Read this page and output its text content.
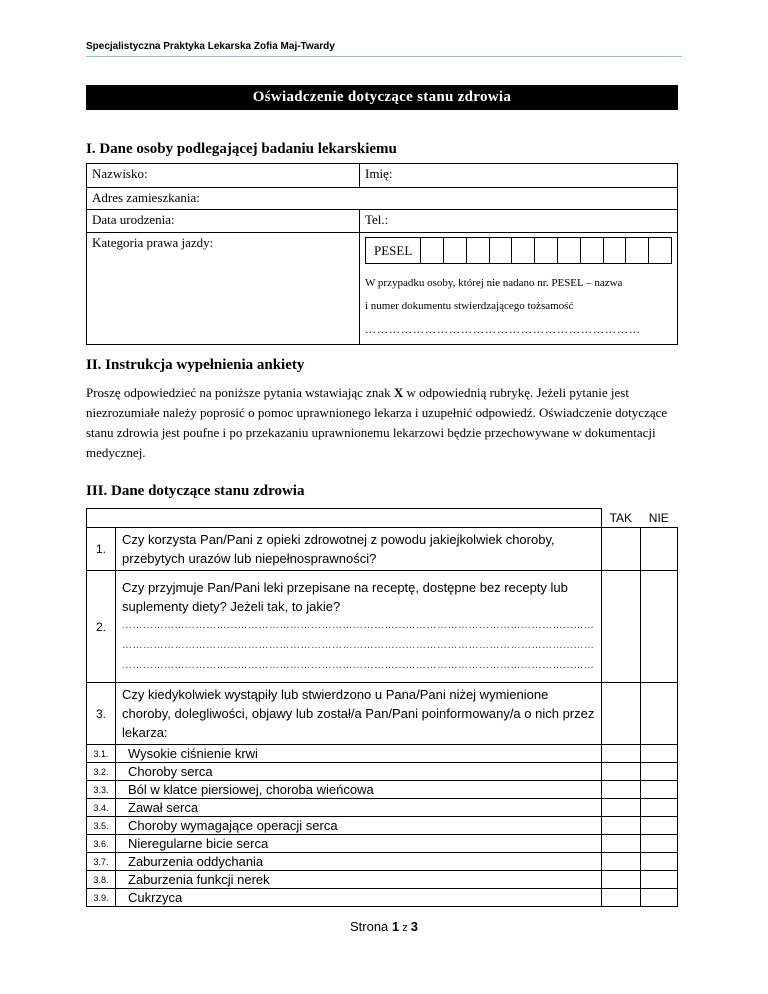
Specjalistyczna Praktyka Lekarska Zofia Maj-Twardy
Oświadczenie dotyczące stanu zdrowia
I. Dane osoby podlegającej badaniu lekarskiemu
Nazwisko:	Imię:
Adres zamieszkania:	
Data urodzenia:	Tel.:
Kategoria prawa jazdy:	PESEL
W przypadku osoby, której nie nadano nr. PESEL – nazwa
i numer dokumentu stwierdzającego tożsamość
……………………………………………………………
II. Instrukcja wypełnienia ankiety
Proszę odpowiedzieć na poniższe pytania wstawiając znak X w odpowiednią rubrykę. Jeżeli pytanie jest niezrozumiałe należy poprosić o pomoc uprawnionego lekarza i uzupełnić odpowiedź. Oświadczenie dotyczące stanu zdrowia jest poufne i po przekazaniu uprawnionemu lekarzowi będzie przechowywane w dokumentacji medycznej.
III. Dane dotyczące stanu zdrowia
		TAK	NIE
1.	Czy korzysta Pan/Pani z opieki zdrowotnej z powodu jakiejkolwiek choroby, przebytych urazów lub niepełnosprawności?		
2.	Czy przyjmuje Pan/Pani leki przepisane na receptę, dostępne bez recepty lub suplementy diety? Jeżeli tak, to jakie?
………………………………………………………………………………………………………………………
………………………………………………………………………………………………………………………
………………………………………………………………………………………………………………………		

3.	Czy kiedykolwiek wystąpiły lub stwierdzono u Pana/Pani niżej wymienione choroby, dolegliwości, objawy lub został/a Pan/Pani poinformowany/a o nich przez lekarza:		
3.1.	Wysokie ciśnienie krwi		
3.2.	Choroby serca		
3.3.	Ból w klatce piersiowej, choroba wieńcowa		
3.4.	Zawał serca		
3.5.	Choroby wymagające operacji serca		
3.6.	Nieregularne bicie serca		
3.7.	Zaburzenia oddychania		
3.8.	Zaburzenia funkcji nerek		
3.9.	Cukrzyca		
Strona 1 z 3
